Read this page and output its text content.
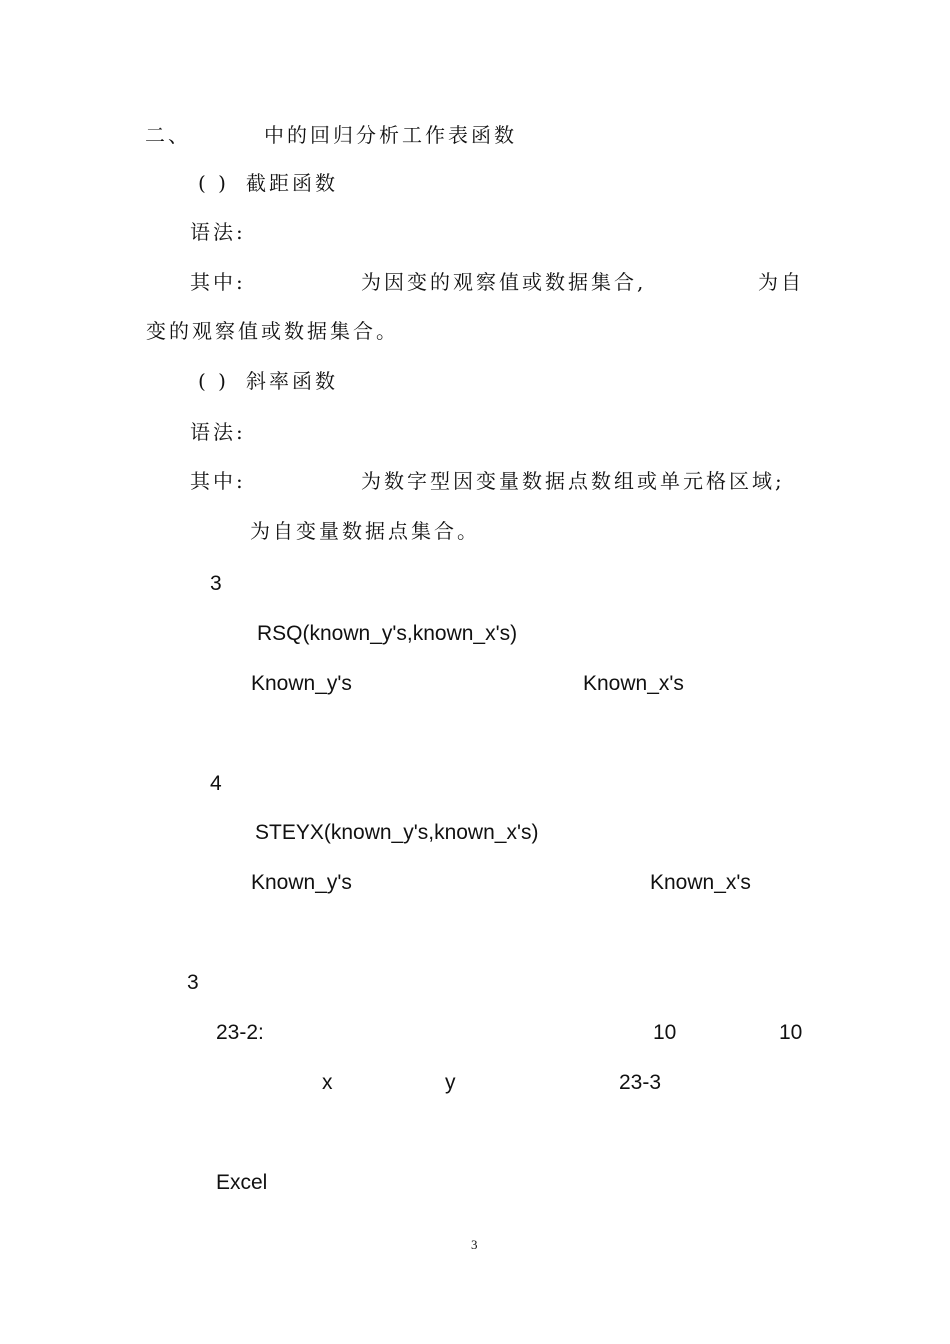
二、	中的回归分析工作表函数
( ) 截距函数
语法:
其中:	为因变的观察值或数据集合,	为自
变的观察值或数据集合。
( ) 斜率函数
语法:
其中:	为数字型因变量数据点数组或单元格区域;
为自变量数据点集合。
3
RSQ(known_y's,known_x's)
Known_y's	Known_x's
4
STEYX(known_y's,known_x's)
Known_y's	Known_x's
3
23-2:	10	10
x	y	23-3
Excel
3
